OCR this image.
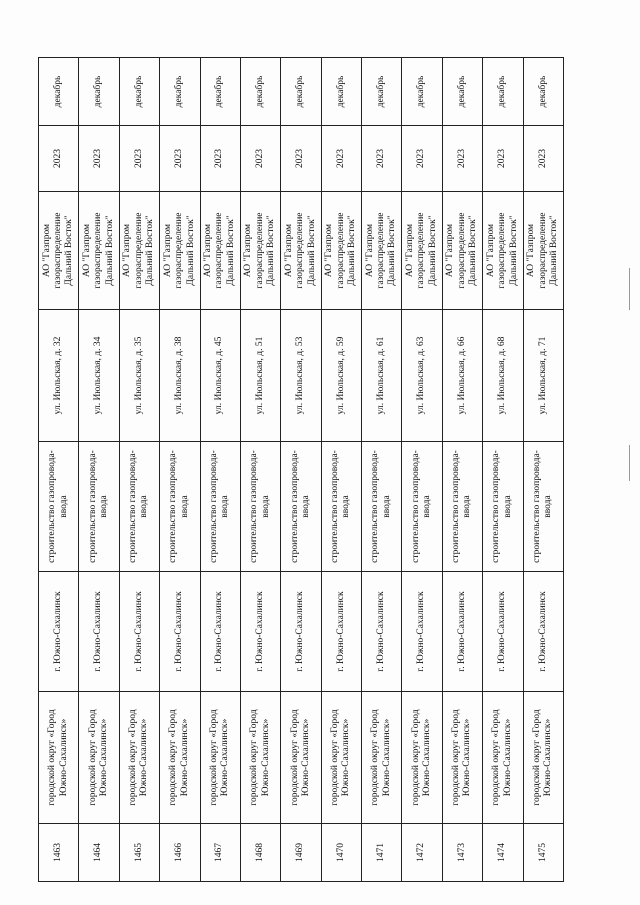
1463	городской округ «Город Южно-Сахалинск»	г. Южно-Сахалинск	строительство газопровода-ввода	ул. Июльская, д. 32	АО "Газпром газораспределение Дальний Восток"	2023	декабрь
1464	городской округ «Город Южно-Сахалинск»	г. Южно-Сахалинск	строительство газопровода-ввода	ул. Июльская, д. 34	АО "Газпром газораспределение Дальний Восток"	2023	декабрь
1465	городской округ «Город Южно-Сахалинск»	г. Южно-Сахалинск	строительство газопровода-ввода	ул. Июльская, д. 35	АО "Газпром газораспределение Дальний Восток"	2023	декабрь
1466	городской округ «Город Южно-Сахалинск»	г. Южно-Сахалинск	строительство газопровода-ввода	ул. Июльская, д. 38	АО "Газпром газораспределение Дальний Восток"	2023	декабрь
1467	городской округ «Город Южно-Сахалинск»	г. Южно-Сахалинск	строительство газопровода-ввода	ул. Июльская, д. 45	АО "Газпром газораспределение Дальний Восток"	2023	декабрь
1468	городской округ «Город Южно-Сахалинск»	г. Южно-Сахалинск	строительство газопровода-ввода	ул. Июльская, д. 51	АО "Газпром газораспределение Дальний Восток"	2023	декабрь
1469	городской округ «Город Южно-Сахалинск»	г. Южно-Сахалинск	строительство газопровода-ввода	ул. Июльская, д. 53	АО "Газпром газораспределение Дальний Восток"	2023	декабрь
1470	городской округ «Город Южно-Сахалинск»	г. Южно-Сахалинск	строительство газопровода-ввода	ул. Июльская, д. 59	АО "Газпром газораспределение Дальний Восток"	2023	декабрь
1471	городской округ «Город Южно-Сахалинск»	г. Южно-Сахалинск	строительство газопровода-ввода	ул. Июльская, д. 61	АО "Газпром газораспределение Дальний Восток"	2023	декабрь
1472	городской округ «Город Южно-Сахалинск»	г. Южно-Сахалинск	строительство газопровода-ввода	ул. Июльская, д. 63	АО "Газпром газораспределение Дальний Восток"	2023	декабрь
1473	городской округ «Город Южно-Сахалинск»	г. Южно-Сахалинск	строительство газопровода-ввода	ул. Июльская, д. 66	АО "Газпром газораспределение Дальний Восток"	2023	декабрь
1474	городской округ «Город Южно-Сахалинск»	г. Южно-Сахалинск	строительство газопровода-ввода	ул. Июльская, д. 68	АО "Газпром газораспределение Дальний Восток"	2023	декабрь
1475	городской округ «Город Южно-Сахалинск»	г. Южно-Сахалинск	строительство газопровода-ввода	ул. Июльская, д. 71	АО "Газпром газораспределение Дальний Восток"	2023	декабрь
